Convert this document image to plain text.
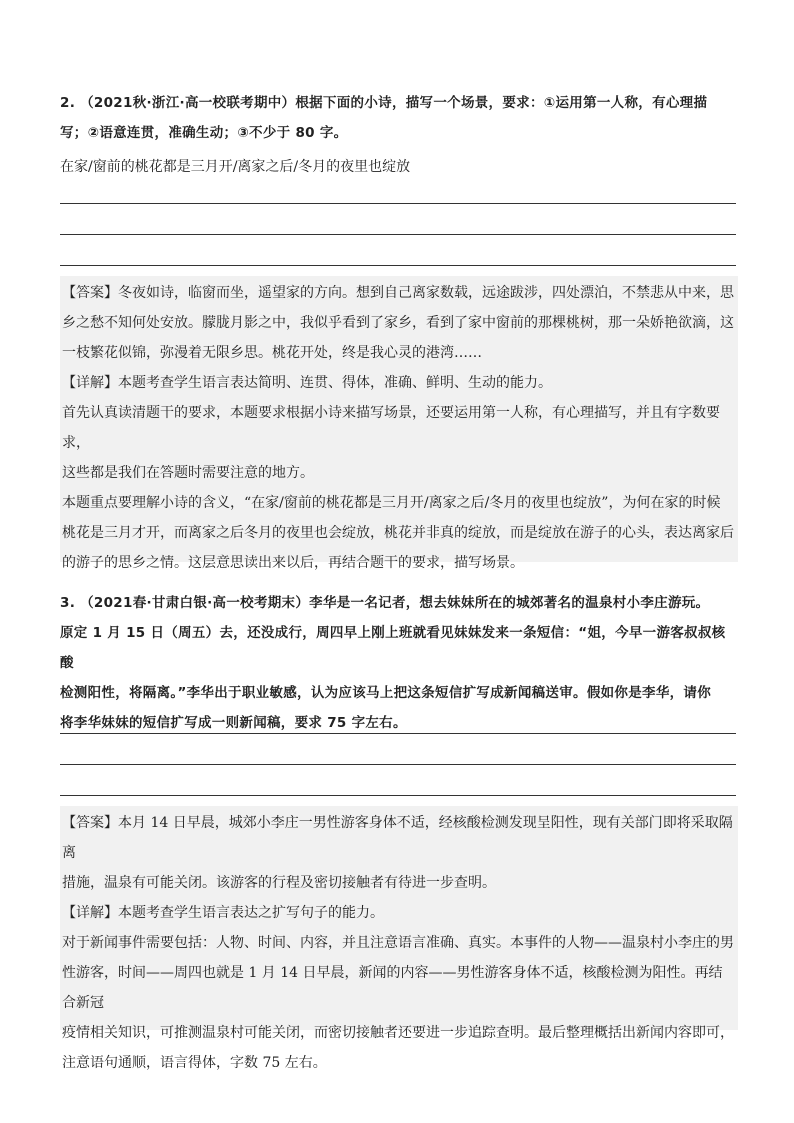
2. （2021秋·浙江·高一校联考期中）根据下面的小诗，描写一个场景，要求：①运用第一人称，有心理描

写；②语意连贯，准确生动；③不少于 80 字。

在家/窗前的桃花都是三月开/离家之后/冬月的夜里也绽放

【答案】冬夜如诗，临窗而坐，遥望家的方向。想到自己离家数载，远途跋涉，四处漂泊，不禁悲从中来，思

乡之愁不知何处安放。朦胧月影之中，我似乎看到了家乡，看到了家中窗前的那棵桃树，那一朵娇艳欲滴，这

一枝繁花似锦，弥漫着无限乡思。桃花开处，终是我心灵的港湾……

【详解】本题考查学生语言表达简明、连贯、得体，准确、鲜明、生动的能力。

首先认真读清题干的要求，本题要求根据小诗来描写场景，还要运用第一人称，有心理描写，并且有字数要求，

这些都是我们在答题时需要注意的地方。

本题重点要理解小诗的含义，“在家/窗前的桃花都是三月开/离家之后/冬月的夜里也绽放”，为何在家的时候

桃花是三月才开，而离家之后冬月的夜里也会绽放，桃花并非真的绽放，而是绽放在游子的心头，表达离家后

的游子的思乡之情。这层意思读出来以后，再结合题干的要求，描写场景。

3. （2021春·甘肃白银·高一校考期末）李华是一名记者，想去妹妹所在的城郊著名的温泉村小李庄游玩。

原定 1 月 15 日（周五）去，还没成行，周四早上刚上班就看见妹妹发来一条短信：“姐，今早一游客叔叔核酸

检测阳性，将隔离。”李华出于职业敏感，认为应该马上把这条短信扩写成新闻稿送审。假如你是李华，请你

将李华妹妹的短信扩写成一则新闻稿，要求 75 字左右。

【答案】本月 14 日早晨，城郊小李庄一男性游客身体不适，经核酸检测发现呈阳性，现有关部门即将采取隔离

措施，温泉有可能关闭。该游客的行程及密切接触者有待进一步查明。

【详解】本题考查学生语言表达之扩写句子的能力。

对于新闻事件需要包括：人物、时间、内容，并且注意语言准确、真实。本事件的人物——温泉村小李庄的男

性游客，时间——周四也就是 1 月 14 日早晨，新闻的内容——男性游客身体不适，核酸检测为阳性。再结合新冠

疫情相关知识，可推测温泉村可能关闭，而密切接触者还要进一步追踪查明。最后整理概括出新闻内容即可，

注意语句通顺，语言得体，字数 75 左右。
